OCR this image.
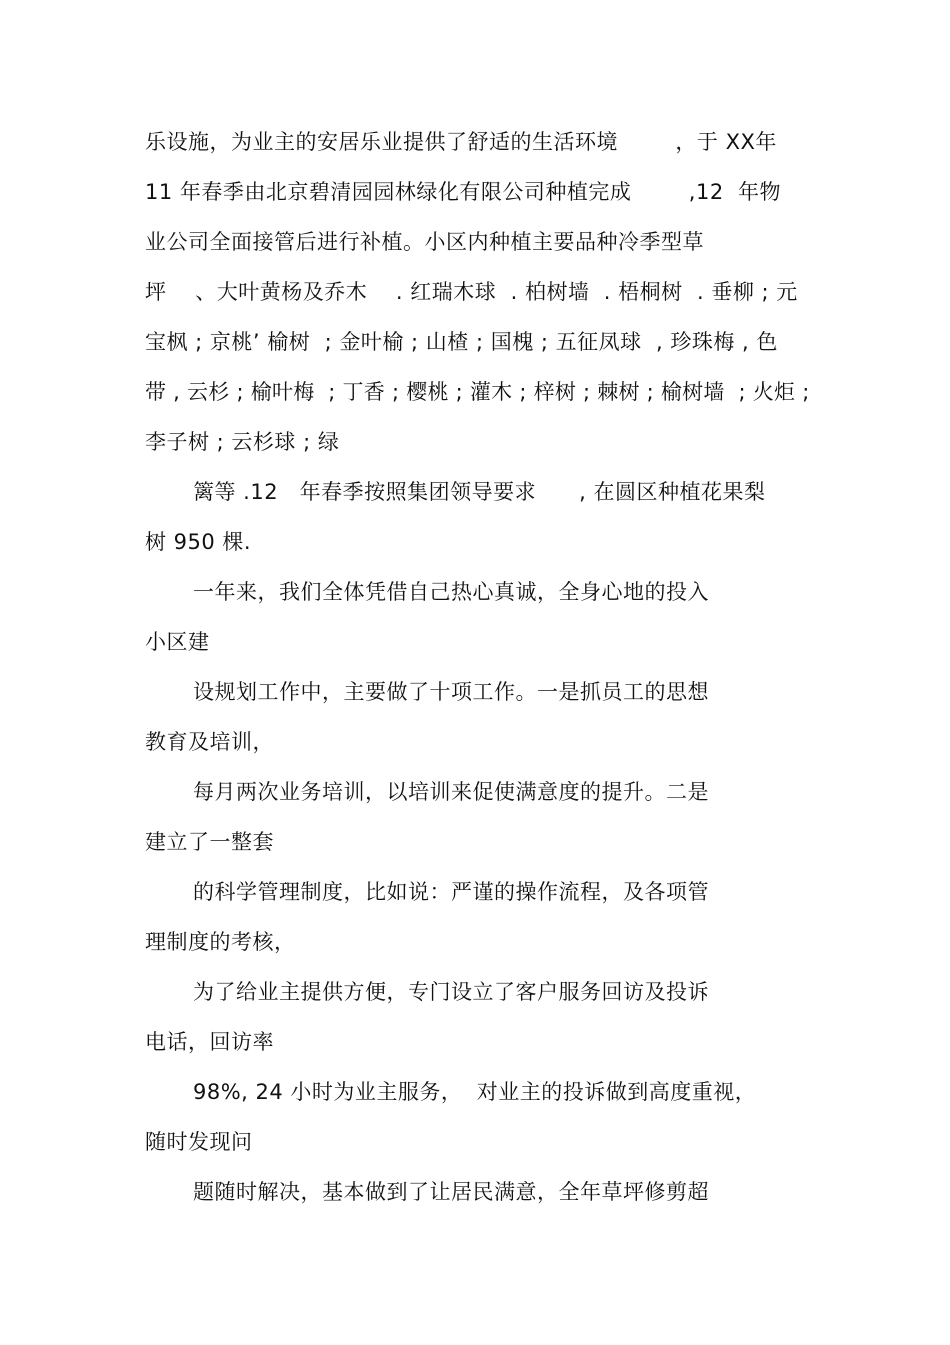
乐设施，为业主的安居乐业提供了舒适的生活环境        ，于 XX年
11 年春季由北京碧清园园林绿化有限公司种植完成        ,12  年物
业公司全面接管后进行补植。小区内种植主要品种冷季型草
坪    、大叶黄杨及乔木    . 红瑞木球  . 柏树墙  . 梧桐树  . 垂柳 ; 元
宝枫 ; 京桃’ 榆树  ; 金叶榆 ; 山楂 ; 国槐 ; 五征凤球  , 珍珠梅 , 色
带 , 云杉 ; 榆叶梅  ; 丁香 ; 樱桃 ; 灌木 ; 梓树 ; 棘树 ; 榆树墙  ; 火炬 ;
李子树 ; 云杉球 ; 绿
篱等 .12   年春季按照集团领导要求      , 在圆区种植花果梨
树 950 棵.
一年来，我们全体凭借自己热心真诚，全身心地的投入
小区建
设规划工作中，主要做了十项工作。一是抓员工的思想
教育及培训，
每月两次业务培训，以培训来促使满意度的提升。二是
建立了一整套
的科学管理制度，比如说：严谨的操作流程，及各项管
理制度的考核，
为了给业主提供方便，专门设立了客户服务回访及投诉
电话，回访率
98%, 24 小时为业主服务，  对业主的投诉做到高度重视，
随时发现问
题随时解决，基本做到了让居民满意，全年草坪修剪超
